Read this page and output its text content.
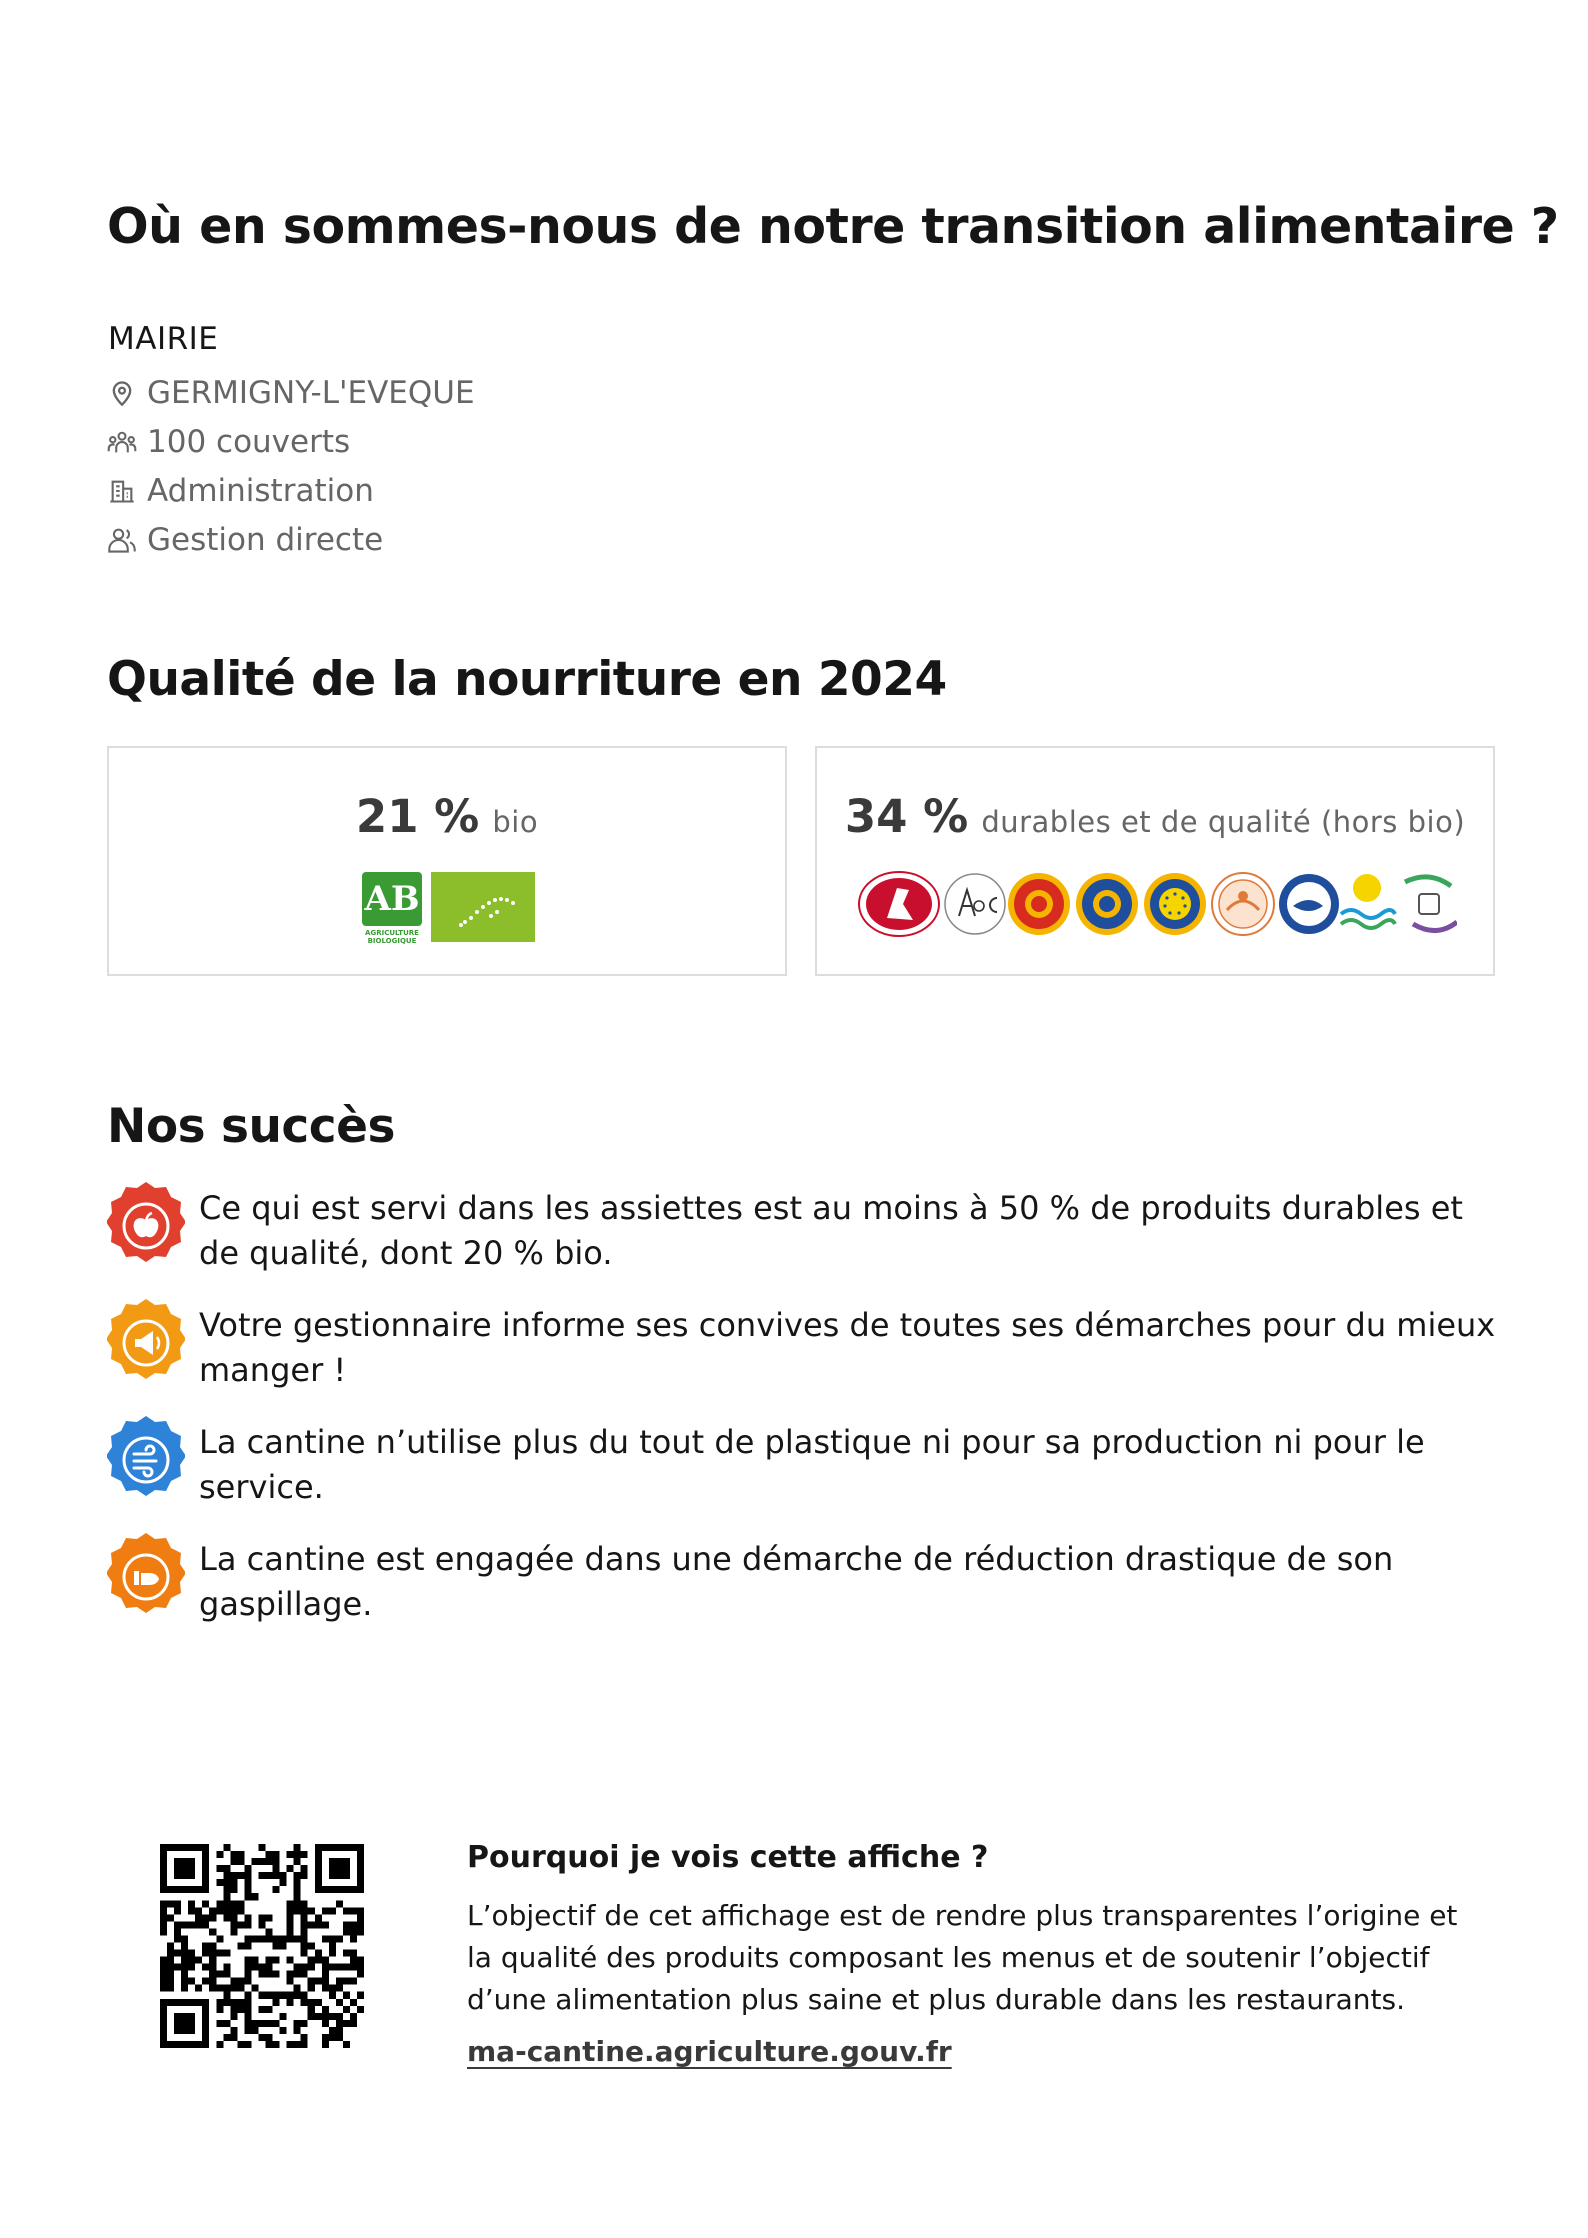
Où en sommes-nous de notre transition alimentaire ?
MAIRIE
GERMIGNY-L'EVEQUE
100 couverts
Administration
Gestion directe
Qualité de la nourriture en 2024
21 % bio
AB
AGRICULTURE BIOLOGIQUE
34 % durables et de qualité (hors bio)
Nos succès
Ce qui est servi dans les assiettes est au moins à 50 % de produits durables et de qualité, dont 20 % bio.
Votre gestionnaire informe ses convives de toutes ses démarches pour du mieux manger !
La cantine n’utilise plus du tout de plastique ni pour sa production ni pour le service.
La cantine est engagée dans une démarche de réduction drastique de son gaspillage.
Pourquoi je vois cette affiche ?

L’objectif de cet affichage est de rendre plus transparentes l’origine et la qualité des produits composant les menus et de soutenir l’objectif d’une alimentation plus saine et plus durable dans les restaurants.

ma-cantine.agriculture.gouv.fr
